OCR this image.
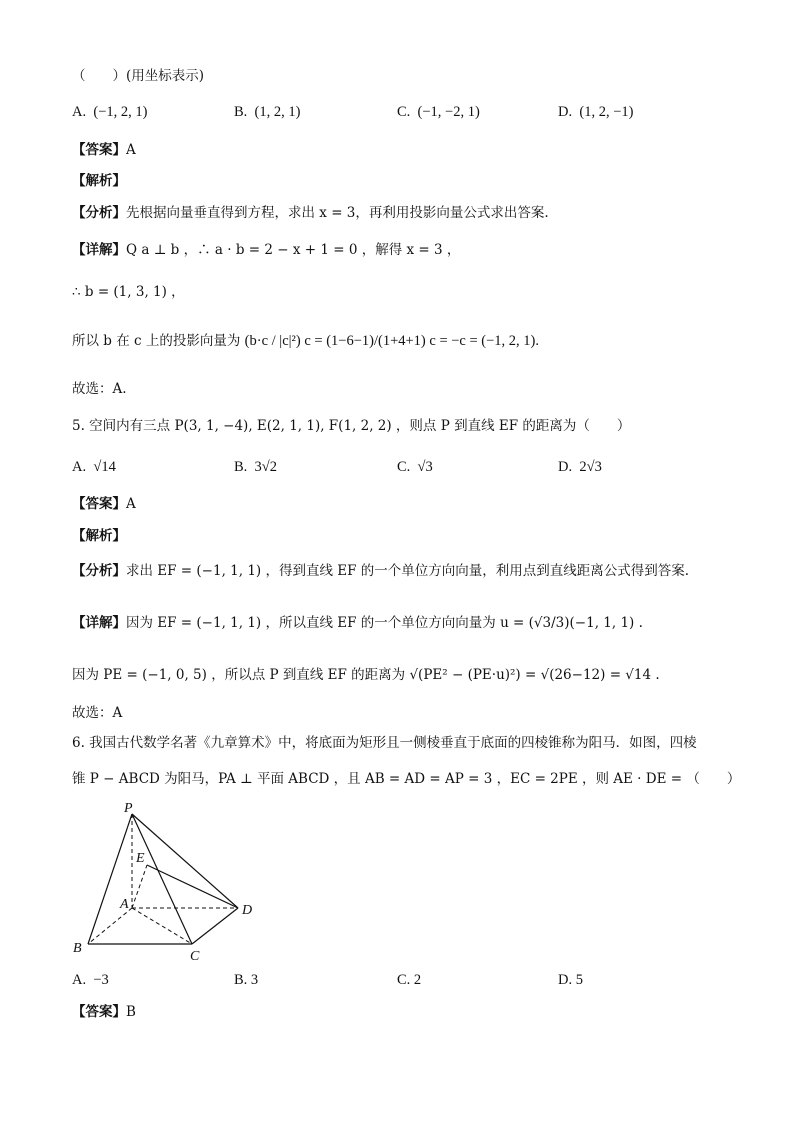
（　　）(用坐标表示)
A. (−1, 2, 1)	B. (1, 2, 1)	C. (−1, −2, 1)	D. (1, 2, −1)
【答案】A
【解析】
【分析】先根据向量垂直得到方程，求出 x = 3，再利用投影向量公式求出答案.
【详解】Q a ⊥ b ，∴ a · b = 2 − x + 1 = 0 ，解得 x = 3 ，
∴ b = (1, 3, 1) ，
所以 b 在 c 上的投影向量为 (b·c / |c|²) c = (1−6−1)/(1+4+1) c = −c = (−1, 2, 1).
故选：A.
5. 空间内有三点 P(3, 1, −4), E(2, 1, 1), F(1, 2, 2) ，则点 P 到直线 EF 的距离为（　　）
A. √14	B. 3√2	C. √3	D. 2√3
【答案】A
【解析】
【分析】求出 EF = (−1, 1, 1) ，得到直线 EF 的一个单位方向向量，利用点到直线距离公式得到答案.
【详解】因为 EF = (−1, 1, 1) ，所以直线 EF 的一个单位方向向量为 u = (√3/3)(−1, 1, 1) .
因为 PE = (−1, 0, 5) ，所以点 P 到直线 EF 的距离为 √(PE² − (PE·u)²) = √(26−12) = √14 .
故选：A
6. 我国古代数学名著《九章算术》中，将底面为矩形且一侧棱垂直于底面的四棱锥称为阳马．如图，四棱
锥 P − ABCD 为阳马，PA ⊥ 平面 ABCD ，且 AB = AD = AP = 3 ，EC = 2PE ，则 AE · DE = （　　）
P
E
A
B
C
D
A. −3	B. 3	C. 2	D. 5
【答案】B
